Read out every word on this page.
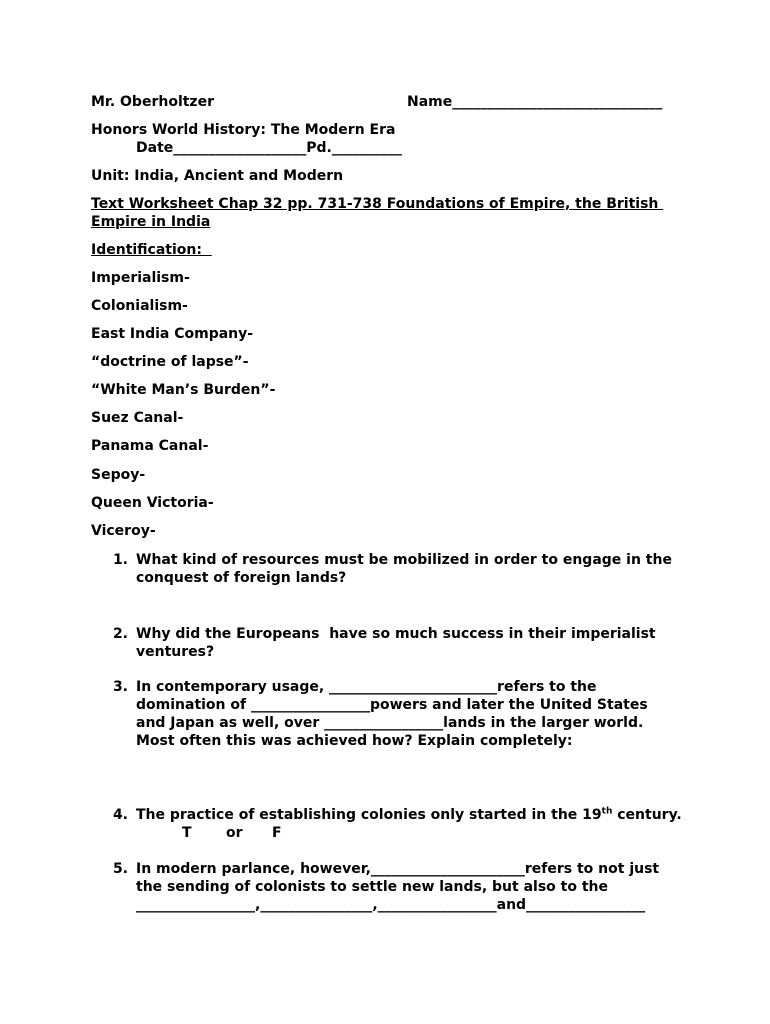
Mr. Oberholtzer	Name______________________________
Honors World History: The Modern Era
Date___________________Pd.__________
Unit: India, Ancient and Modern
Text Worksheet Chap 32 pp. 731-738 Foundations of Empire, the British
Empire in India
Identification:
Imperialism-
Colonialism-
East India Company-
“doctrine of lapse”-
“White Man’s Burden”-
Suez Canal-
Panama Canal-
Sepoy-
Queen Victoria-
Viceroy-
1. What kind of resources must be mobilized in order to engage in the
conquest of foreign lands?
2. Why did the Europeans  have so much success in their imperialist
ventures?
3. In contemporary usage, ________________________refers to the
domination of _________________powers and later the United States
and Japan as well, over _________________lands in the larger world.
Most often this was achieved how? Explain completely:
4. The practice of establishing colonies only started in the 19th century.
T or F
5. In modern parlance, however,______________________refers to not just
the sending of colonists to settle new lands, but also to the
_________________,________________,_________________and_________________
